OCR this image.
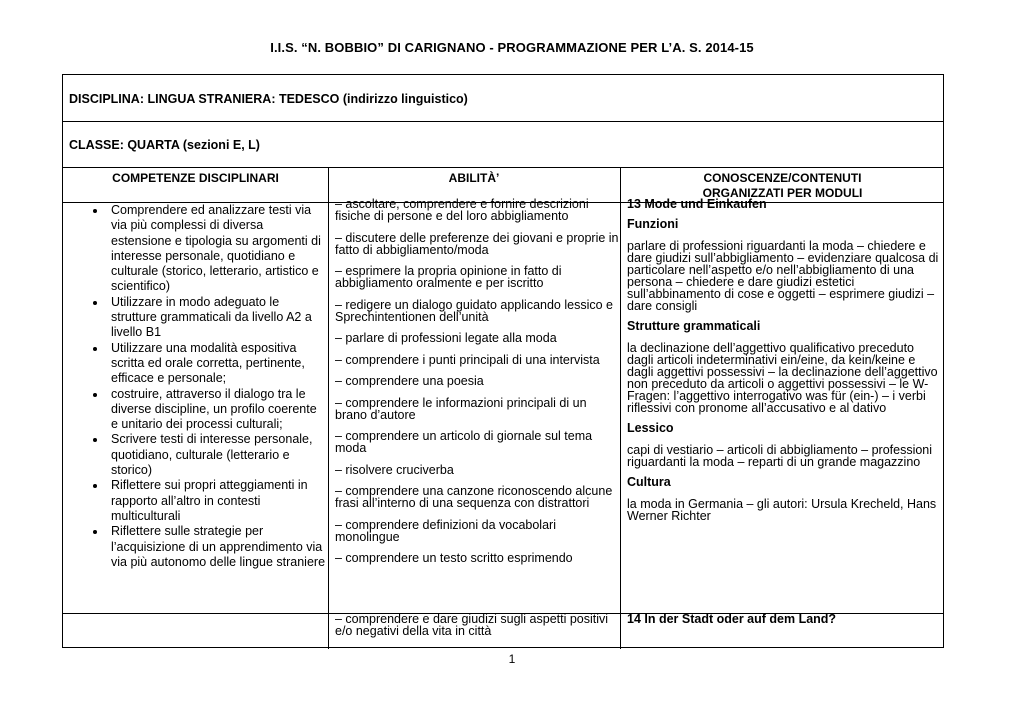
I.I.S. “N. BOBBIO” DI CARIGNANO - PROGRAMMAZIONE PER L’A. S. 2014-15
DISCIPLINA: LINGUA STRANIERA: TEDESCO (indirizzo linguistico)
CLASSE: QUARTA (sezioni E, L)
COMPETENZE DISCIPLINARI	ABILITÀ’	CONOSCENZE/CONTENUTI
ORGANIZZATI PER MODULI
• Comprendere ed analizzare testi via via più complessi di diversa estensione e tipologia su argomenti di interesse personale, quotidiano e culturale (storico, letterario, artistico e scientifico)
• Utilizzare in modo adeguato le strutture grammaticali da livello A2 a livello B1
• Utilizzare una modalità espositiva scritta ed orale corretta, pertinente, efficace e personale;
• costruire, attraverso il dialogo tra le diverse discipline, un profilo coerente e unitario dei processi culturali;
• Scrivere testi di interesse personale, quotidiano, culturale (letterario e storico)
• Riflettere sui propri atteggiamenti in rapporto all’altro in contesti multiculturali
• Riflettere sulle strategie per l’acquisizione di un apprendimento via via più autonomo delle lingue straniere

– ascoltare, comprendere e fornire descrizioni fisiche di persone e del loro abbigliamento

– discutere delle preferenze dei giovani e proprie in fatto di abbigliamento/moda

– esprimere la propria opinione in fatto di abbigliamento oralmente e per iscritto

– redigere un dialogo guidato applicando lessico e Sprechintentionen dell’unità

– parlare di professioni legate alla moda

– comprendere i punti principali di una intervista

– comprendere una poesia

– comprendere le informazioni principali di un brano d’autore

– comprendere un articolo di giornale sul tema moda

– risolvere cruciverba

– comprendere una canzone riconoscendo alcune frasi all’interno di una sequenza con distrattori

– comprendere definizioni da vocabolari monolingue

– comprendere un testo scritto esprimendo

13 Mode und Einkaufen

Funzioni

parlare di professioni riguardanti la moda – chiedere e dare giudizi sull’abbigliamento – evidenziare qualcosa di particolare nell’aspetto e/o nell’abbigliamento di una persona – chiedere e dare giudizi estetici sull’abbinamento di cose e oggetti – esprimere giudizi – dare consigli

Strutture grammaticali

la declinazione dell’aggettivo qualificativo preceduto dagli articoli indeterminativi ein/eine, da kein/keine e dagli aggettivi possessivi – la declinazione dell’aggettivo non preceduto da articoli o aggettivi possessivi – le W-Fragen: l’aggettivo interrogativo was für (ein-) – i verbi riflessivi con pronome all’accusativo e al dativo

Lessico

capi di vestiario – articoli di abbigliamento – professioni riguardanti la moda – reparti di un grande magazzino

Cultura

la moda in Germania – gli autori: Ursula Krecheld, Hans Werner Richter

– comprendere e dare giudizi sugli aspetti positivi e/o negativi della vita in città
14 In der Stadt oder auf dem Land?
1
